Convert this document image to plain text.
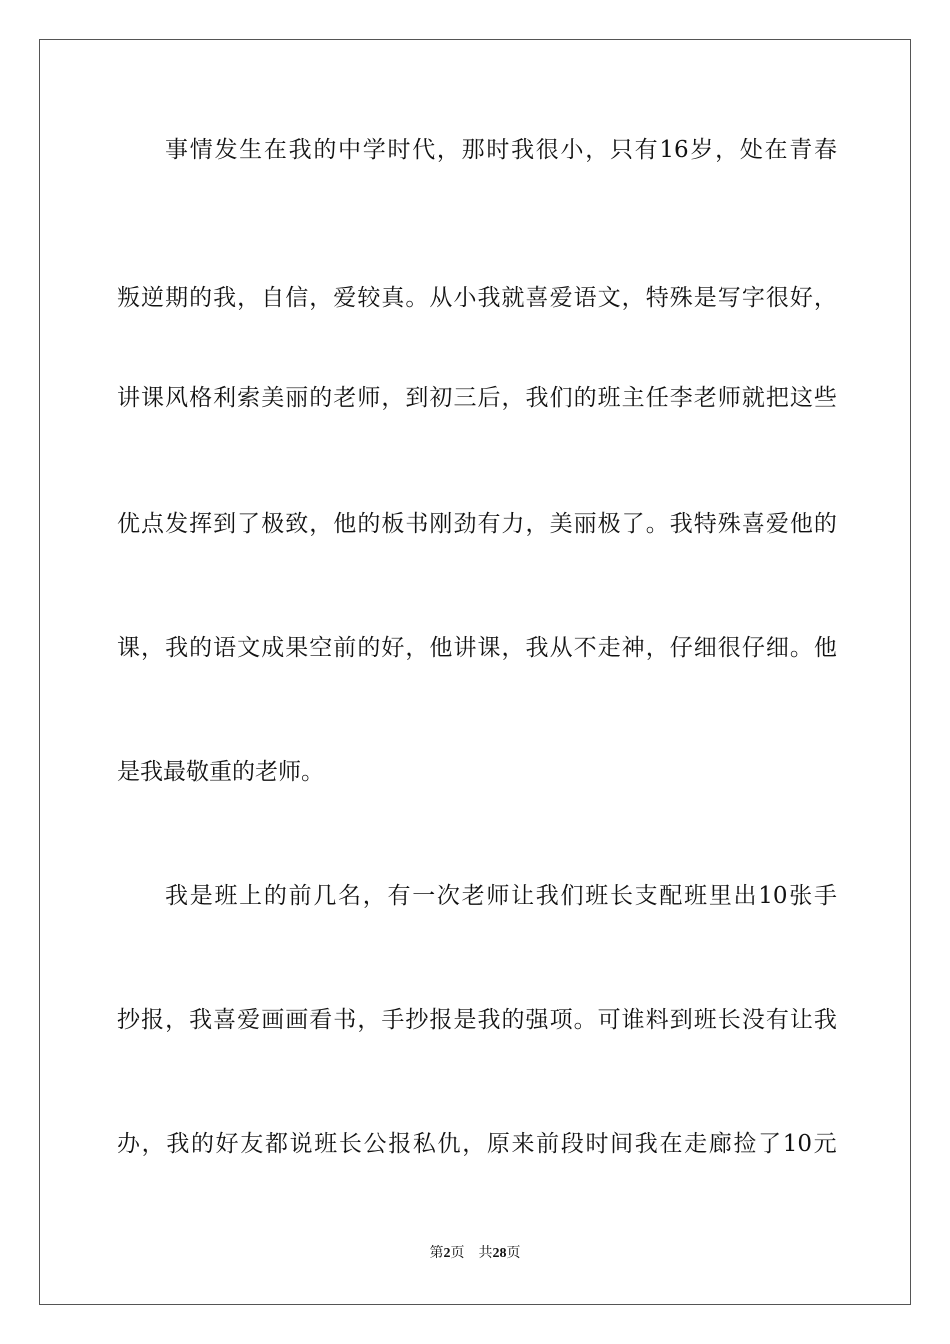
事 情 发 生 在 我 的 中 学 时 代 ， 那 时 我 很 小 ， 只 有 16 岁 ， 处 在 青 春
叛 逆 期 的 我 ， 自 信 ， 爱 较 真 。 从 小 我 就 喜 爱 语 文 ， 特 殊 是 写 字 很 好 ，
讲 课 风 格 利 索 美 丽 的 老 师 ， 到 初 三 后 ， 我 们 的 班 主 任 李 老 师 就 把 这 些
优 点 发 挥 到 了 极 致 ， 他 的 板 书 刚 劲 有 力 ， 美 丽 极 了 。 我 特 殊 喜 爱 他 的
课 ， 我 的 语 文 成 果 空 前 的 好 ， 他 讲 课 ， 我 从 不 走 神 ， 仔 细 很 仔 细 。 他
是 我 最 敬 重 的 老 师 。
我 是 班 上 的 前 几 名 ， 有 一 次 老 师 让 我 们 班 长 支 配 班 里 出 10 张 手
抄 报 ， 我 喜 爱 画 画 看 书 ， 手 抄 报 是 我 的 强 项 。 可 谁 料 到 班 长 没 有 让 我
办 ， 我 的 好 友 都 说 班 长 公 报 私 仇 ， 原 来 前 段 时 间 我 在 走 廊 捡 了 10 元
第2页 共28页
